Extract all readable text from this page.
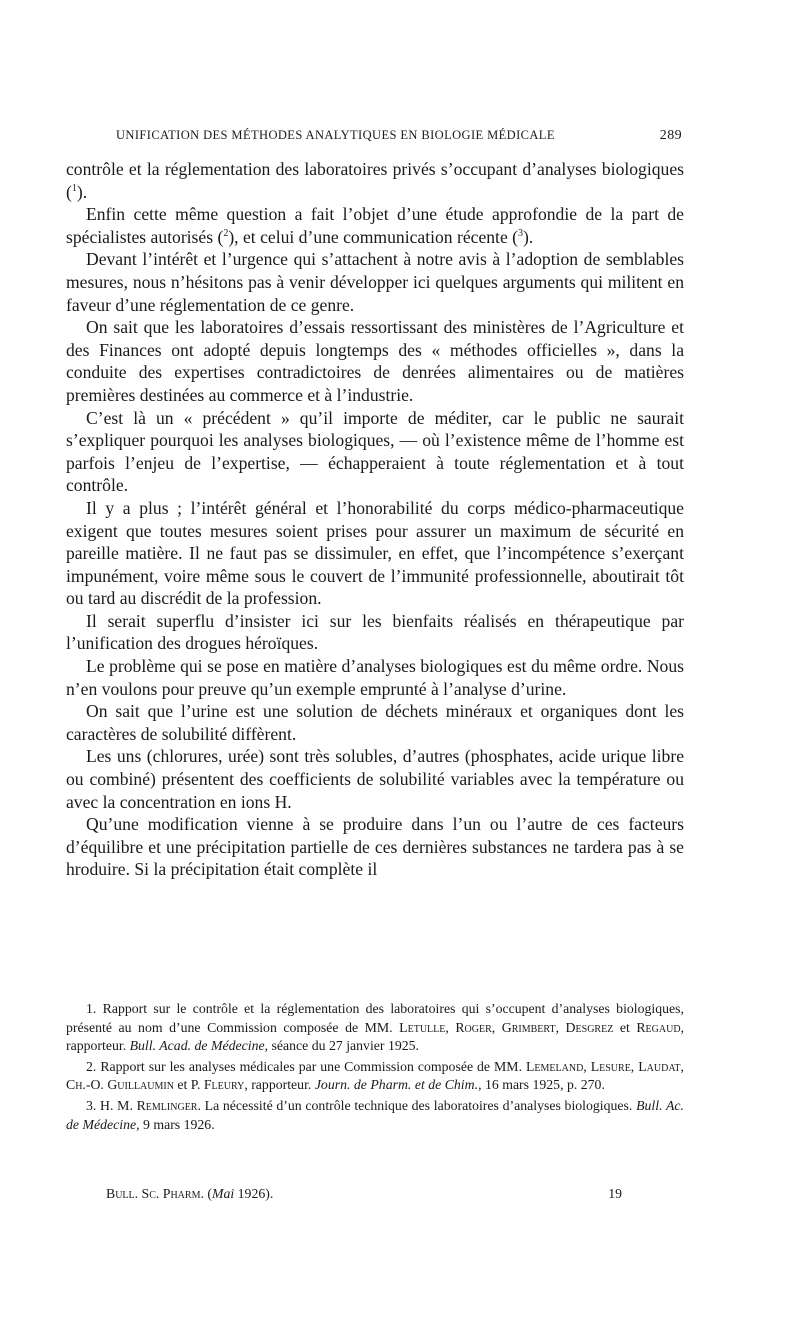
UNIFICATION DES MÉTHODES ANALYTIQUES EN BIOLOGIE MÉDICALE	289

contrôle et la réglementation des laboratoires privés s’occupant d’analyses biologiques ($^1$).

Enfin cette même question a fait l’objet d’une étude approfondie de la part de spécialistes autorisés ($^2$), et celui d’une communication récente ($^3$).

Devant l’intérêt et l’urgence qui s’attachent à notre avis à l’adoption de semblables mesures, nous n’hésitons pas à venir développer ici quelques arguments qui militent en faveur d’une réglementation de ce genre.

On sait que les laboratoires d’essais ressortissant des ministères de l’Agriculture et des Finances ont adopté depuis longtemps des « méthodes officielles », dans la conduite des expertises contradictoires de denrées alimentaires ou de matières premières destinées au commerce et à l’industrie.

C’est là un « précédent » qu’il importe de méditer, car le public ne saurait s’expliquer pourquoi les analyses biologiques, — où l’existence même de l’homme est parfois l’enjeu de l’expertise, — échapperaient à toute réglementation et à tout contrôle.

Il y a plus ; l’intérêt général et l’honorabilité du corps médico-pharmaceutique exigent que toutes mesures soient prises pour assurer un maximum de sécurité en pareille matière. Il ne faut pas se dissimuler, en effet, que l’incompétence s’exerçant impunément, voire même sous le couvert de l’immunité professionnelle, aboutirait tôt ou tard au discrédit de la profession.

Il serait superflu d’insister ici sur les bienfaits réalisés en thérapeutique par l’unification des drogues héroïques.

Le problème qui se pose en matière d’analyses biologiques est du même ordre. Nous n’en voulons pour preuve qu’un exemple emprunté à l’analyse d’urine.

On sait que l’urine est une solution de déchets minéraux et organiques dont les caractères de solubilité diffèrent.

Les uns (chlorures, urée) sont très solubles, d’autres (phosphates, acide urique libre ou combiné) présentent des coefficients de solubilité variables avec la température ou avec la concentration en ions H.

Qu’une modification vienne à se produire dans l’un ou l’autre de ces facteurs d’équilibre et une précipitation partielle de ces dernières substances ne tardera pas à se hroduire. Si la précipitation était complète il

1. Rapport sur le contrôle et la réglementation des laboratoires qui s’occupent d’analyses biologiques, présenté au nom d’une Commission composée de MM. Letulle, Roger, Grimbert, Desgrez et Regaud, rapporteur. Bull. Acad. de Médecine, séance du 27 janvier 1925.

2. Rapport sur les analyses médicales par une Commission composée de MM. Lemeland, Lesure, Laudat, Ch.-O. Guillaumin et P. Fleury, rapporteur. Journ. de Pharm. et de Chim., 16 mars 1925, p. 270.

3. H. M. Remlinger. La nécessité d’un contrôle technique des laboratoires d’analyses biologiques. Bull. Ac. de Médecine, 9 mars 1926.

Bull. Sc. Pharm. (Mai 1926).	19
